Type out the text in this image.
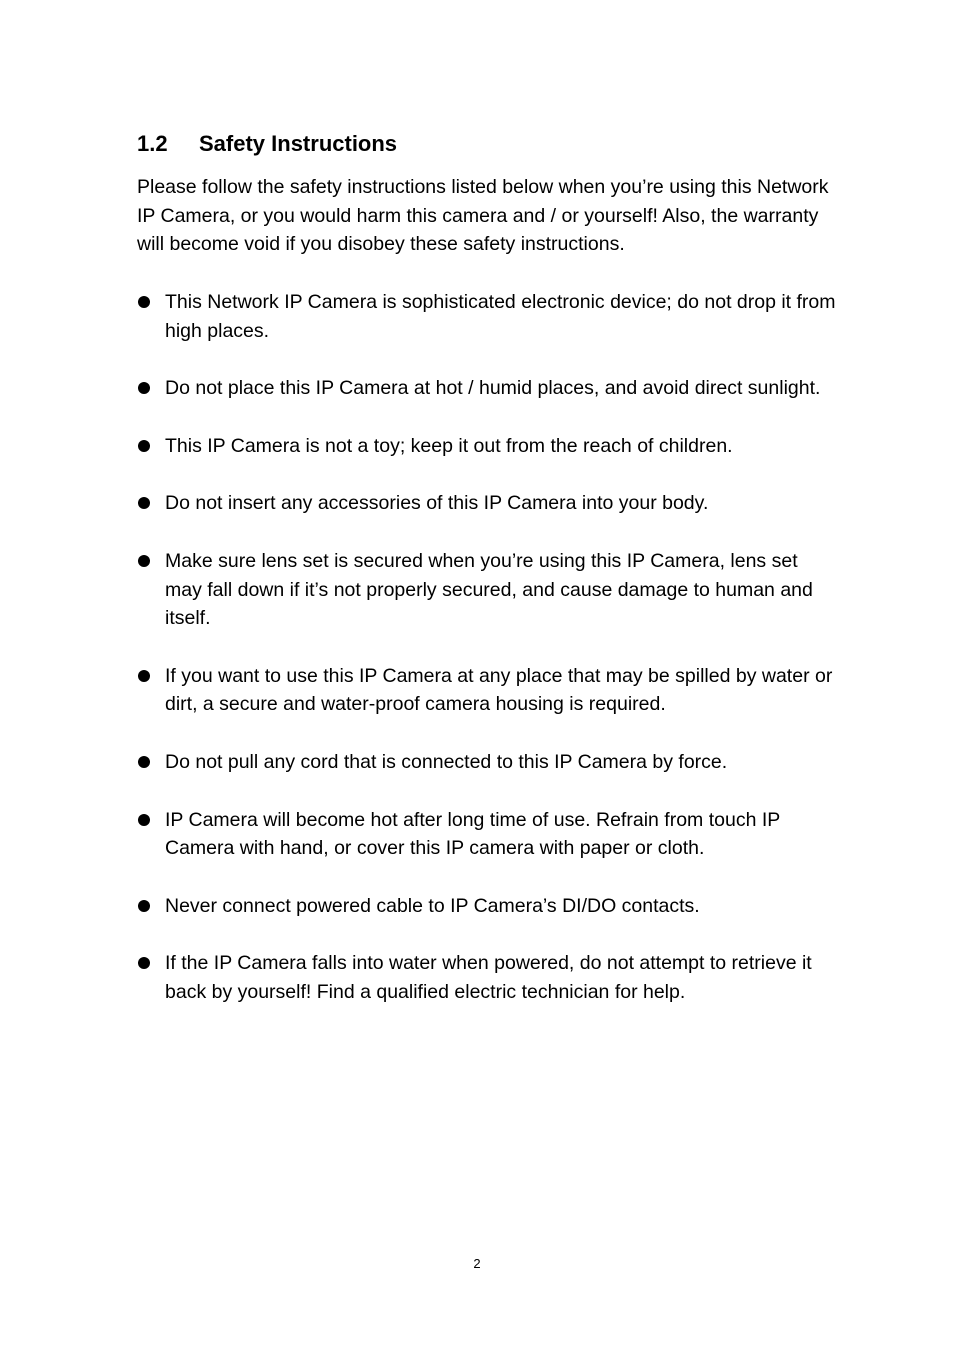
1.2 Safety Instructions
Please follow the safety instructions listed below when you’re using this Network IP Camera, or you would harm this camera and / or yourself! Also, the warranty will become void if you disobey these safety instructions.
This Network IP Camera is sophisticated electronic device; do not drop it from high places.
Do not place this IP Camera at hot / humid places, and avoid direct sunlight.
This IP Camera is not a toy; keep it out from the reach of children.
Do not insert any accessories of this IP Camera into your body.
Make sure lens set is secured when you’re using this IP Camera, lens set may fall down if it’s not properly secured, and cause damage to human and itself.
If you want to use this IP Camera at any place that may be spilled by water or dirt, a secure and water-proof camera housing is required.
Do not pull any cord that is connected to this IP Camera by force.
IP Camera will become hot after long time of use. Refrain from touch IP Camera with hand, or cover this IP camera with paper or cloth.
Never connect powered cable to IP Camera’s DI/DO contacts.
If the IP Camera falls into water when powered, do not attempt to retrieve it back by yourself! Find a qualified electric technician for help.
2
